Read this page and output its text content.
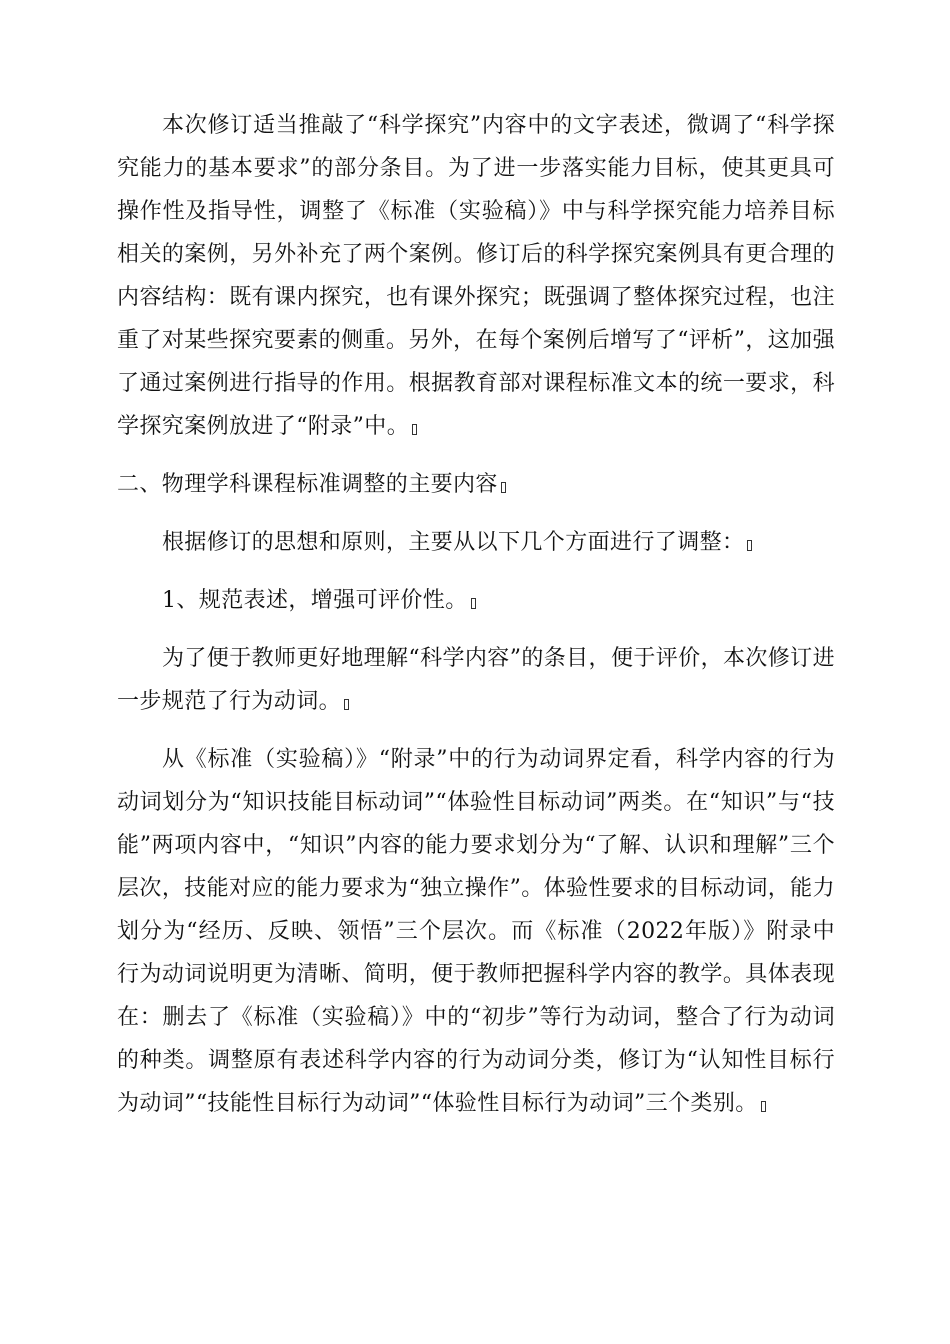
本次修订适当推敲了“科学探究”内容中的文字表述，微调了“科学探究能力的基本要求”的部分条目。为了进一步落实能力目标，使其更具可操作性及指导性，调整了《标准（实验稿）》中与科学探究能力培养目标相关的案例，另外补充了两个案例。修订后的科学探究案例具有更合理的内容结构：既有课内探究，也有课外探究；既强调了整体探究过程，也注重了对某些探究要素的侧重。另外，在每个案例后增写了“评析”，这加强了通过案例进行指导的作用。根据教育部对课程标准文本的统一要求，科学探究案例放进了“附录”中。

二、物理学科课程标准调整的主要内容

根据修订的思想和原则，主要从以下几个方面进行了调整：

1、规范表述，增强可评价性。

为了便于教师更好地理解“科学内容”的条目，便于评价，本次修订进一步规范了行为动词。

从《标准（实验稿）》“附录”中的行为动词界定看，科学内容的行为动词划分为“知识技能目标动词”“体验性目标动词”两类。在“知识”与“技能”两项内容中，“知识”内容的能力要求划分为“了解、认识和理解”三个层次，技能对应的能力要求为“独立操作”。体验性要求的目标动词，能力划分为“经历、反映、领悟”三个层次。而《标准（2022年版）》附录中行为动词说明更为清晰、简明，便于教师把握科学内容的教学。具体表现在：删去了《标准（实验稿）》中的“初步”等行为动词，整合了行为动词的种类。调整原有表述科学内容的行为动词分类，修订为“认知性目标行为动词”“技能性目标行为动词”“体验性目标行为动词”三个类别。
